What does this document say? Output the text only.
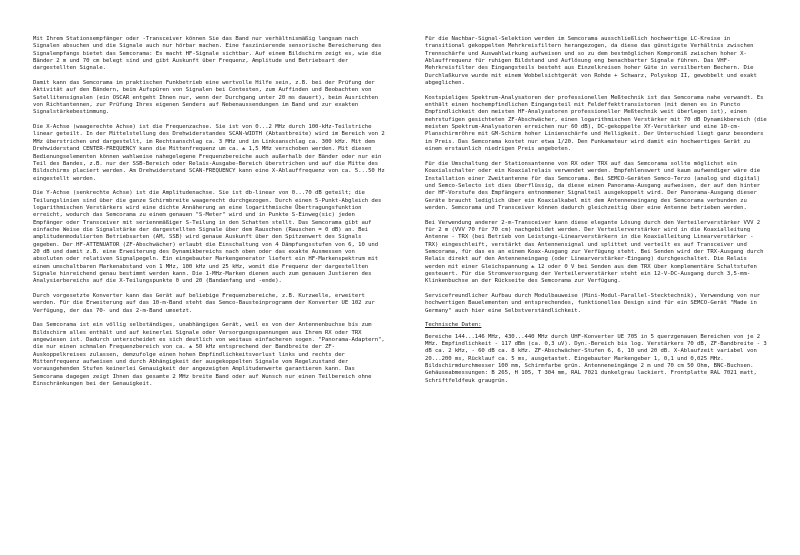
Mit Ihrem Stationsempfänger oder -Transceiver können Sie das Band nur verhältnismäßig langsam nach Signalen absuchen und die Signale auch nur hörbar machen. Eine faszinierende sensorische Bereicherung des Signalempfangs bietet das Semcorama: Es macht HF-Signale sichtbar. Auf einem Bildschirm zeigt es, wie die Bänder 2 m und 70 cm belegt sind und gibt Auskunft über Frequenz, Amplitude und Betriebsart der dargestellten Signale.

Damit kann das Semcorama im praktischen Funkbetrieb eine wertvolle Hilfe sein, z.B. bei der Prüfung der Aktivität auf den Bändern, beim Aufspüren von Signalen bei Contesten, zum Auffinden und Beobachten von Satellitensignalen (ein OSCAR entgeht Ihnen nur, wenn der Durchgang unter 20 ms dauert), beim Ausrichten von Richtantennen, zur Prüfung Ihres eigenen Senders auf Nebenaussendungen im Band und zur exakten Signalstärkebestimmung.

Die X-Achse (waagerechte Achse) ist die Frequenzachse. Sie ist von 0...2 MHz durch 100-kHz-Teilstriche linear geteilt. In der Mittelstellung des Drehwiderstandes SCAN-WIDTH (Abtastbreite) wird im Bereich von 2 MHz überstrichen und dargestellt, im Rechtsanschlag ca. 3 MHz und im Linksanschlag ca. 300 kHz. Mit dem Drehwiderstand CENTER-FREQUENCY kann die Mittenfrequenz um ca. ± 1,5 MHz verschoben werden. Mit diesen Bedienungselementen können wahlweise nahegelegene Frequenzbereiche auch außerhalb der Bänder oder nur ein Teil des Bandes, z.B. nur der SSB-Bereich oder Relais-Ausgabe-Bereich überstrichen und auf die Mitte des Bildschirms placiert werden. Am Drehwiderstand SCAN-FREQUENCY kann eine X-Ablauffrequenz von ca. 5...50 Hz eingestellt werden.

Die Y-Achse (senkrechte Achse) ist die Amplitudenachse. Sie ist db-linear von 0...70 dB geteilt; die Teilungslinien sind über die ganze Schirmbreite waagerecht durchgezogen. Durch einen 5-Punkt-Abgleich des logarithmischen Verstärkers wird eine dichte Annäherung an eine logarithmische Übertragungsfunktion erreicht, wodurch das Semcorama zu einem genauen "S-Meter" wird und in Punkte S-Einweg(sic) jeden Empfänger oder Transceiver mit seriennmäßiger S-Teilung in den Schatten stellt. Das Semcorama gibt auf einfache Weise die Signalstärke der dargestellten Signale über dem Rauschen (Rauschen = 0 dB) an. Bei amplitudenmodulierten Betriebsarten (AM, SSB) wird genaue Auskunft über den Spitzenwert des Signals gegeben. Der HF-ATTENUATOR (ZF-Abschwächer) erlaubt die Einschaltung von 4 Dämpfungsstufen von 6, 10 und 20 dB und damit z.B. eine Erweiterung des Dynamikbereichs nach oben oder das exakte Ausmessen von absoluten oder relativen Signalpegeln. Ein eingebauter Markengenerator liefert ein HF-Markenspektrum mit einem umschaltbaren Markenabstand von 1 MHz, 100 kHz und 25 kHz, womit die Frequenz der dargestellten Signale hinreichend genau bestimmt werden kann. Die 1-MHz-Marken dienen auch zum genauen Justieren des Analysierbereichs auf die X-Teilungspunkte 0 und 20 (Bandanfang und -ende).

Durch vorgesetzte Konverter kann das Gerät auf beliebige Frequenzbereiche, z.B. Kurzwelle, erweitert werden. Für die Erweiterung auf das 10-m-Band steht das Semco-Bausteinprogramm der Konverter UE 102 zur Verfügung, der das 70- und das 2-m-Band umsetzt.

Das Semcorama ist ein völlig selbständiges, unabhängiges Gerät, weil es von der Antennenbuchse bis zum Bildschirm alles enthält und auf keinerlei Signale oder Versorgungsspannungen aus Ihrem RX oder TRX angewiesen ist. Dadurch unterscheidet es sich deutlich von weitaus einfacheren sogen. "Panorama-Adaptern", die nur einen schmalen Frequenzbereich von ca. ± 50 kHz entsprechend der Bandbreite der ZF-Auskoppelkreises zulassen, demzufolge einen hohen Empfindlichkeitsverlust links und rechts der Mittenfrequenz aufweisen und durch Abhängigkeit der ausgekoppelten Signale vom Regelzustand der vorausgehenden Stufen keinerlei Genauigkeit der angezeigten Amplitudenwerte garantieren kann. Das Semcorama dagegen zeigt Ihnen das gesamte 2 MHz breite Band oder auf Wunsch nur einen Teilbereich ohne Einschränkungen bei der Genauigkeit.

Für die Nachbar-Signal-Selektion werden im Semcorama ausschließlich hochwertige LC-Kreise in transitional gekoppelten Mehrkreisfiltern herangezogen, da diese das günstigste Verhältnis zwischen Trennschärfe und Auswahlwirkung aufweisen und so zu dem bestmöglichen Kompromiß zwischen hoher X-Ablauffrequenz für ruhigen Bildstand und Auflösung eng benachbarter Signale führen. Das VHF-Mehrkreisfilter des Eingangsteils besteht aus Einzelkreisen hoher Güte in versilberten Bechern. Die Durchlaßkurve wurde mit einem Wobbelsichtgerät von Rohde + Schwarz, Polyskop II, gewobbelt und exakt abgeglichen.

Kostspieliges Spektrum-Analysatoren der professionellen Meßtechnik ist das Semcorama nahe verwandt. Es enthält einen hochempfindlichen Eingangsteil mit Feldeffekttransistoren (mit denen es in Puncto Empfindlichkeit den meisten HF-Analysatoren professioneller Meßtechnik weit überlegen ist), einen mehrstufigen gesichteten ZF-Abschwächer, einen logarithmischen Verstärker mit 70 dB Dynamikbereich (die meisten Spektrum-Analysatoren erreichen nur 60 dB), DC-gekoppelte XY-Verstärker und eine 10-cm-Planschirmröhre mit GM-Schirm hoher Linienschärfe und Helligkeit. Der Unterschied liegt ganz besonders im Preis. Das Semcorama kostet nur etwa 1/20. Den Funkamateur wird damit ein hochwertiges Gerät zu einem erstaunlich niedrigen Preis angeboten.

Für die Umschaltung der Stationsantenne von RX oder TRX auf das Semcorama sollte möglichst ein Koaxialschalter oder ein Koaxialrelais verwendet werden. Empfehlenswert und kaum aufwendiger wäre die Installation einer Zweitantenne für das Semcorama. Bei SEMCO-Geräten Semco-Terzo (analog und digital) und Semco-Selecto ist dies überflüssig, da diese einen Panorama-Ausgang aufweisen, der auf den hinter der HF-Vorstufe des Empfängers entnommener Signalteil ausgekoppelt wird. Der Panorama-Ausgang dieser Geräte braucht lediglich über ein Koaxialkabel mit dem Antenneneingang des Semcorama verbunden zu werden. Semcorama und Transceiver können dadurch gleichzeitig über eine Antenne betrieben werden.

Bei Verwendung anderer 2-m-Transceiver kann diese elegante Lösung durch den Verteilerverstärker VVV 2 für 2 m (VVV 70 für 70 cm) nachgebildet werden. Der Verteilerverstärker wird in die Koaxialleitung Antenne - TRX (bei Betrieb von Leistungs-Linearverstärkern in die Koaxialleitung Linearverstärker - TRX) eingeschleift, verstärkt das Antennensignal und splittet und verteilt es auf Transceiver und Semcorama, für das es an einem Koax-Ausgang zur Verfügung steht. Bei Senden wird der TRX-Ausgang durch Relais direkt auf den Antenneneingang (oder Linearverstärker-Eingang) durchgeschaltet. Die Relais werden mit einer Gleichspannung ± 12 oder 0 V bei Senden aus dem TRX über komplementäre Schaltstufen gesteuert. Für die Stromversorgung der Verteilerverstärker steht ein 12-V-DC-Ausgang durch 3,5-mm-Klinkenbuchse an der Rückseite des Semcorama zur Verfügung.

Servicefreundlicher Aufbau durch Modulbauweise (Mini-Modul-Parallel-Stecktechnik), Verwendung von nur hochwertigen Bauelementen und entsprechendes, funktionelles Design sind für ein SEMCO-Gerät "Made in Germany" auch hier eine Selbstverständlichkeit.

Technische Daten:

Bereiche 144...146 MHz, 430...440 MHz durch UHF-Konverter UE 705 in 5 querzgenauen Bereichen von je 2 MHz. Empfindlichkeit - 117 dBm (ca. 0,3 uV). Dyn.-Bereich bis log. Verstärkers 70 dB, ZF-Bandbreite - 3 dB ca. 2 kHz, - 60 dB ca. 8 kHz. ZF-Abschwächer-Stufen 6, 6, 10 und 20 dB. X-Ablaufzeit variabel von 20...200 ms, Rücklauf ca. 5 ms, ausgetastet. Eingebauter Markengeber 1, 0,1 und 0,025 MHz. Bildschirmdurchmesser 100 mm, Schirmfarbe grün. Antenneneingänge 2 m und 70 cm 50 Ohm, BNC-Buchsen. Gehäuseabmessungen: B 265, H 105, T 304 mm, RAL 7021 dunkelgrau lackiert. Frontplatte RAL 7021 matt, Schriftfeldfeuk graugrün.
